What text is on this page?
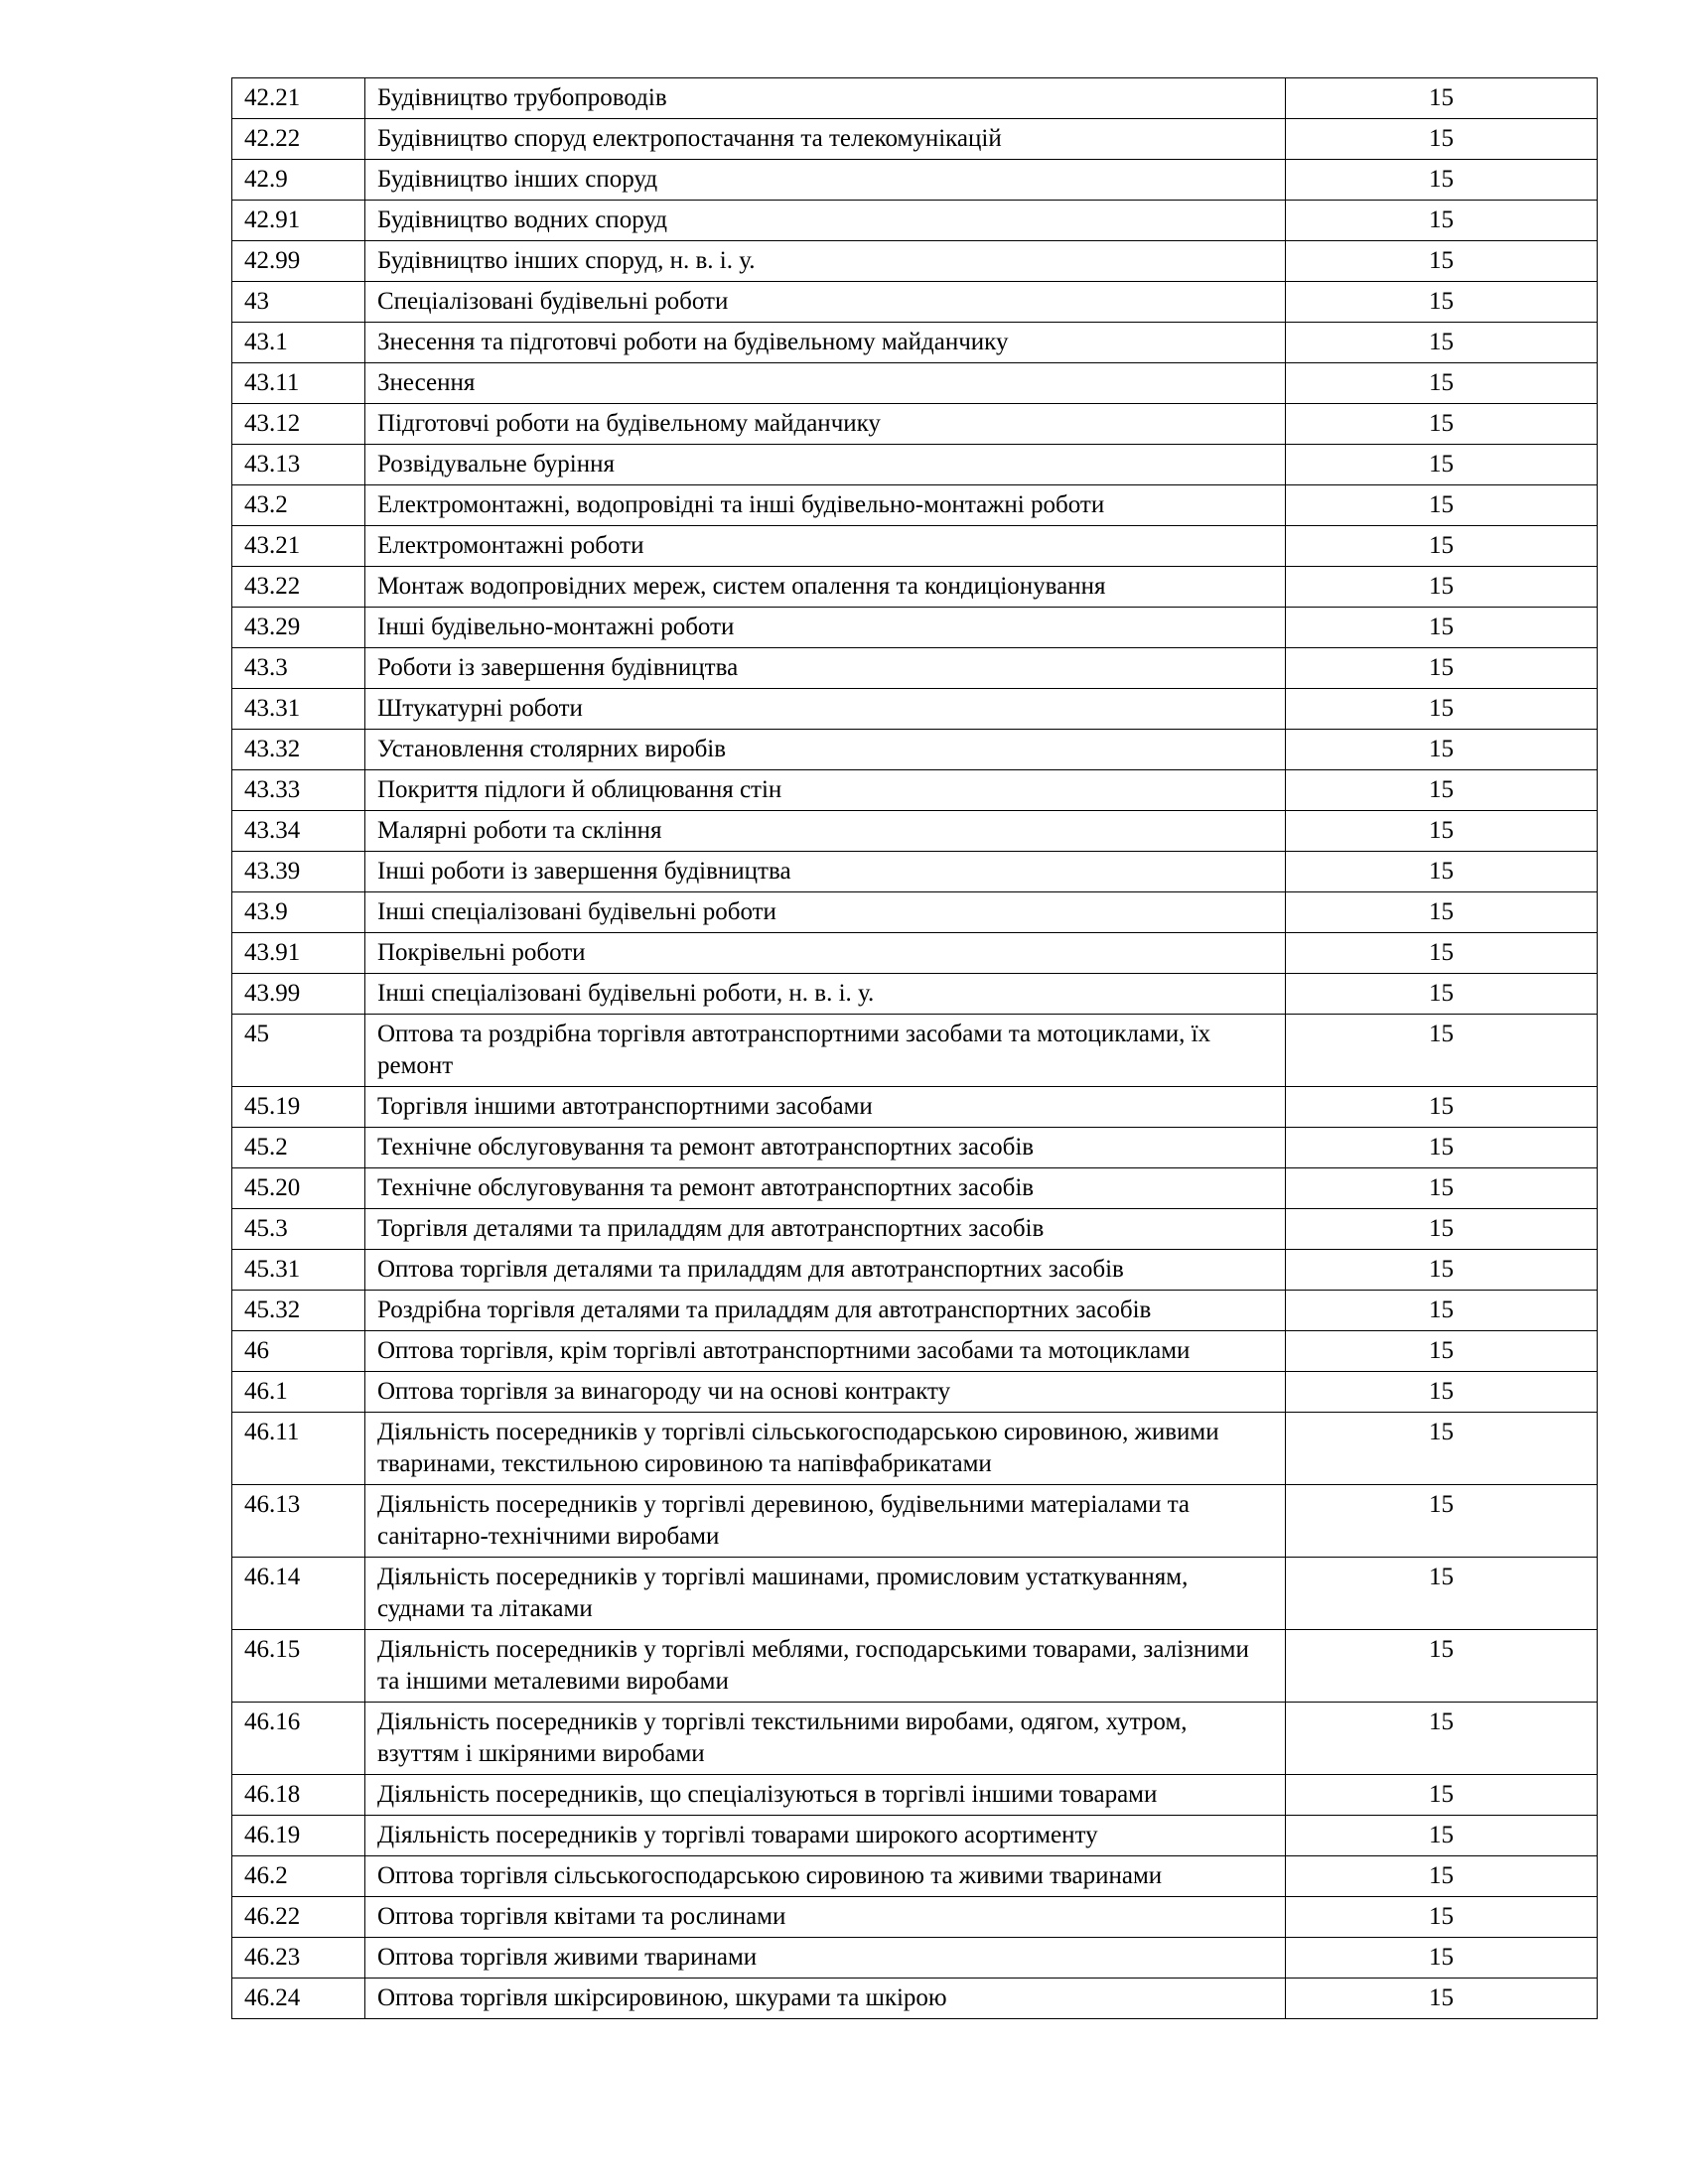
42.21	Будівництво трубопроводів	15
42.22	Будівництво споруд електропостачання та телекомунікацій	15
42.9	Будівництво інших споруд	15
42.91	Будівництво водних споруд	15
42.99	Будівництво інших споруд, н. в. і. у.	15
43	Спеціалізовані будівельні роботи	15
43.1	Знесення та підготовчі роботи на будівельному майданчику	15
43.11	Знесення	15
43.12	Підготовчі роботи на будівельному майданчику	15
43.13	Розвідувальне буріння	15
43.2	Електромонтажні, водопровідні та інші будівельно-монтажні роботи	15
43.21	Електромонтажні роботи	15
43.22	Монтаж водопровідних мереж, систем опалення та кондиціонування	15
43.29	Інші будівельно-монтажні роботи	15
43.3	Роботи із завершення будівництва	15
43.31	Штукатурні роботи	15
43.32	Установлення столярних виробів	15
43.33	Покриття підлоги й облицювання стін	15
43.34	Малярні роботи та скління	15
43.39	Інші роботи із завершення будівництва	15
43.9	Інші спеціалізовані будівельні роботи	15
43.91	Покрівельні роботи	15
43.99	Інші спеціалізовані будівельні роботи, н. в. і. у.	15
45	Оптова та роздрібна торгівля автотранспортними засобами та мотоциклами, їх ремонт	15
45.19	Торгівля іншими автотранспортними засобами	15
45.2	Технічне обслуговування та ремонт автотранспортних засобів	15
45.20	Технічне обслуговування та ремонт автотранспортних засобів	15
45.3	Торгівля деталями та приладдям для автотранспортних засобів	15
45.31	Оптова торгівля деталями та приладдям для автотранспортних засобів	15
45.32	Роздрібна торгівля деталями та приладдям для автотранспортних засобів	15
46	Оптова торгівля, крім торгівлі автотранспортними засобами та мотоциклами	15
46.1	Оптова торгівля за винагороду чи на основі контракту	15
46.11	Діяльність посередників у торгівлі сільськогосподарською сировиною, живими тваринами, текстильною сировиною та напівфабрикатами	15
46.13	Діяльність посередників у торгівлі деревиною, будівельними матеріалами та санітарно-технічними виробами	15
46.14	Діяльність посередників у торгівлі машинами, промисловим устаткуванням, суднами та літаками	15
46.15	Діяльність посередників у торгівлі меблями, господарськими товарами, залізними та іншими металевими виробами	15
46.16	Діяльність посередників у торгівлі текстильними виробами, одягом, хутром, взуттям і шкіряними виробами	15
46.18	Діяльність посередників, що спеціалізуються в торгівлі іншими товарами	15
46.19	Діяльність посередників у торгівлі товарами широкого асортименту	15
46.2	Оптова торгівля сільськогосподарською сировиною та живими тваринами	15
46.22	Оптова торгівля квітами та рослинами	15
46.23	Оптова торгівля живими тваринами	15
46.24	Оптова торгівля шкірсировиною, шкурами та шкірою	15
